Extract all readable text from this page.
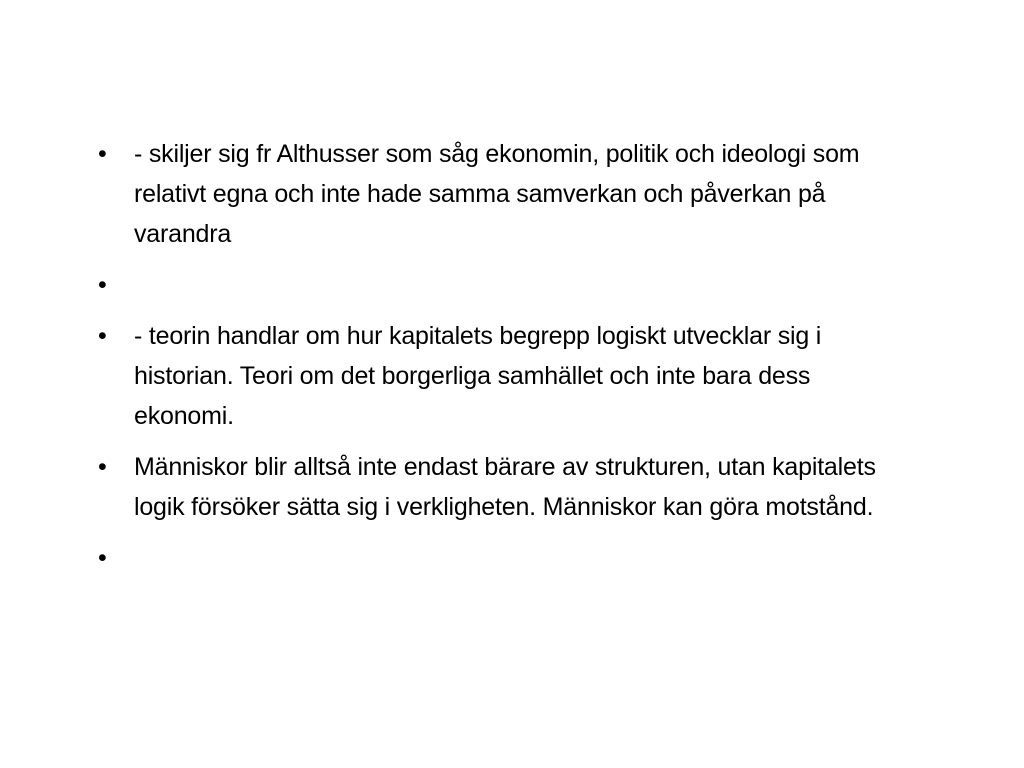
•	- skiljer sig fr Althusser som såg ekonomin, politik och ideologi som relativt egna och inte hade samma samverkan och påverkan på varandra
•
•	- teorin handlar om hur kapitalets begrepp logiskt utvecklar sig i historian. Teori om det borgerliga samhället och inte bara dess ekonomi.
•	Människor blir alltså inte endast bärare av strukturen, utan kapitalets logik försöker sätta sig i verkligheten. Människor kan göra motstånd.
•
